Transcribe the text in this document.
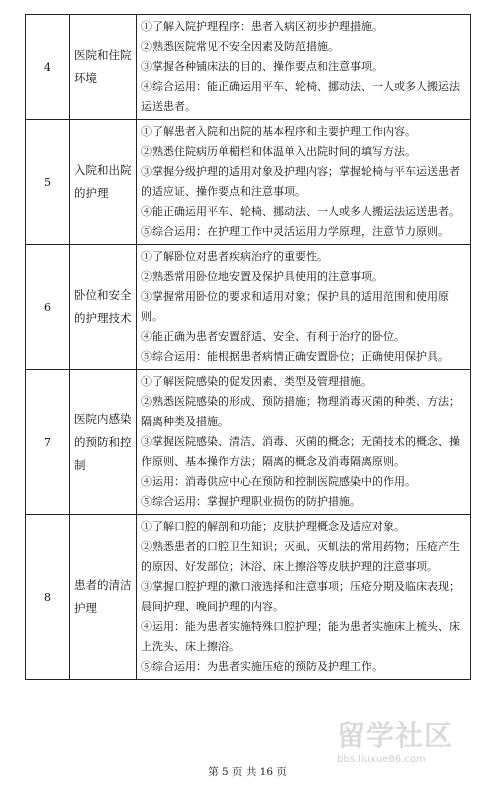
4	医院和住院环境	①了解入院护理程序：患者入病区初步护理措施。

②熟悉医院常见不安全因素及防范措施。

③掌握各种铺床法的目的、操作要点和注意事项。

④综合运用：能正确运用平车、轮椅、挪动法、一人或多人搬运法运送患者。

5	入院和出院的护理	①了解患者入院和出院的基本程序和主要护理工作内容。

②熟悉住院病历单楣栏和体温单入出院时间的填写方法。

③掌握分级护理的适用对象及护理内容；掌握轮椅与平车运送患者的适应证、操作要点和注意事项。

④能正确运用平车、轮椅、挪动法、一人或多人搬运法运送患者。

⑤综合运用：在护理工作中灵活运用力学原理，注意节力原则。

6	卧位和安全的护理技术	①了解卧位对患者疾病治疗的重要性。

②熟悉常用卧位地安置及保护具使用的注意事项。

③掌握常用卧位的要求和适用对象；保护具的适用范围和使用原则。

④能正确为患者安置舒适、安全、有利于治疗的卧位。

⑤综合运用：能根据患者病情正确安置卧位；正确使用保护具。

7	医院内感染的预防和控制	①了解医院感染的促发因素、类型及管理措施。

②熟悉医院感染的形成、预防措施；物理消毒灭菌的种类、方法；隔离种类及措施。

③掌握医院感染、清洁、消毒、灭菌的概念；无菌技术的概念、操作原则、基本操作方法；隔离的概念及消毒隔离原则。

④运用：消毒供应中心在预防和控制医院感染中的作用。

⑤综合运用：掌握护理职业损伤的防护措施。

8	患者的清洁护理	①了解口腔的解剖和功能；皮肤护理概念及适应对象。

②熟悉患者的口腔卫生知识；灭虱、灭虮法的常用药物；压疮产生的原因、好发部位；沐浴、床上擦浴等皮肤护理的注意事项。

③掌握口腔护理的漱口液选择和注意事项；压疮分期及临床表现；晨间护理、晚间护理的内容。

④运用：能为患者实施特殊口腔护理；能为患者实施床上梳头、床上洗头、床上擦浴。

⑤综合运用：为患者实施压疮的预防及护理工作。

第 5 页 共 16 页
留学社区
bbs.liuxue86.com
